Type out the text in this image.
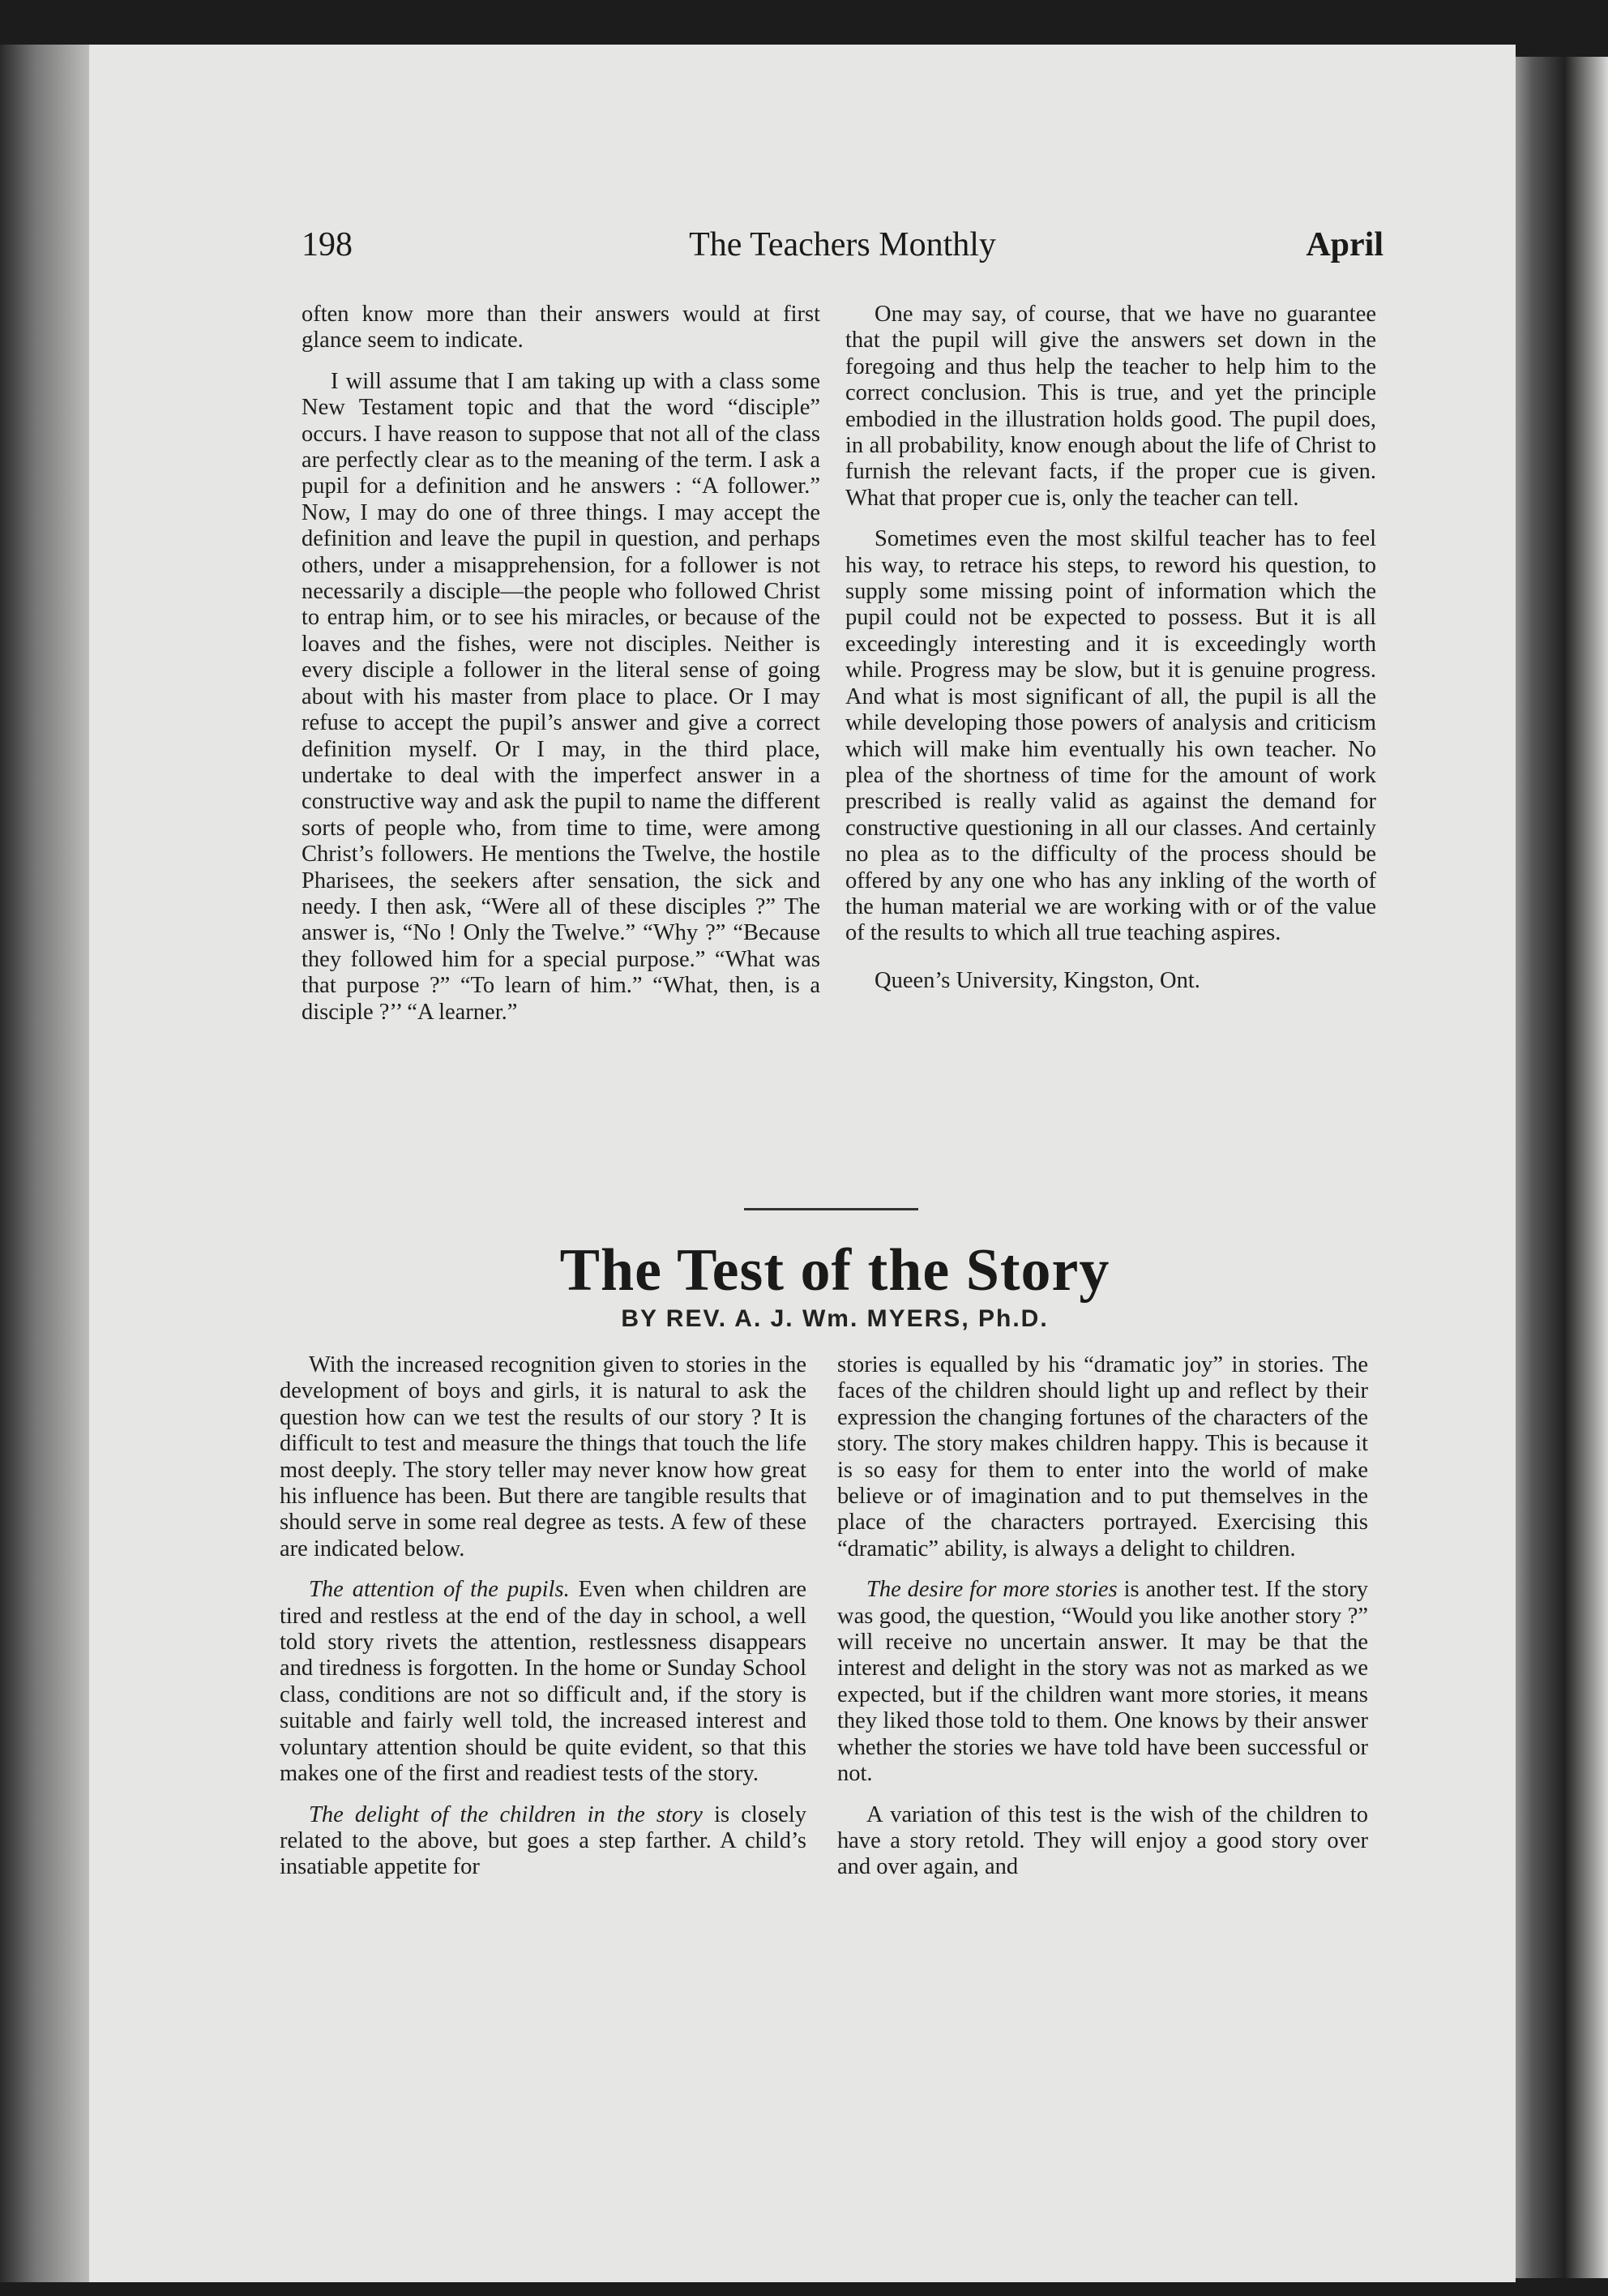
198	The Teachers Monthly	April

often know more than their answers would at first glance seem to indicate.

I will assume that I am taking up with a class some New Testament topic and that the word “disciple” occurs. I have reason to suppose that not all of the class are perfectly clear as to the meaning of the term. I ask a pupil for a definition and he answers : “A follower.” Now, I may do one of three things. I may accept the definition and leave the pupil in question, and perhaps others, under a misapprehension, for a follower is not necessarily a disciple—the people who followed Christ to entrap him, or to see his miracles, or because of the loaves and the fishes, were not disciples. Neither is every disciple a follower in the literal sense of going about with his master from place to place. Or I may refuse to accept the pupil’s answer and give a correct definition myself. Or I may, in the third place, undertake to deal with the imperfect answer in a constructive way and ask the pupil to name the different sorts of people who, from time to time, were among Christ’s followers. He mentions the Twelve, the hostile Pharisees, the seekers after sensation, the sick and needy. I then ask, “Were all of these disciples ?” The answer is, “No ! Only the Twelve.” “Why ?” “Because they followed him for a special purpose.” “What was that purpose ?” “To learn of him.” “What, then, is a disciple ?’’ “A learner.”

One may say, of course, that we have no guarantee that the pupil will give the answers set down in the foregoing and thus help the teacher to help him to the correct conclusion. This is true, and yet the principle embodied in the illustration holds good. The pupil does, in all probability, know enough about the life of Christ to furnish the relevant facts, if the proper cue is given. What that proper cue is, only the teacher can tell.

Sometimes even the most skilful teacher has to feel his way, to retrace his steps, to reword his question, to supply some missing point of information which the pupil could not be expected to possess. But it is all exceedingly interesting and it is exceedingly worth while. Progress may be slow, but it is genuine progress. And what is most significant of all, the pupil is all the while developing those powers of analysis and criticism which will make him eventually his own teacher. No plea of the shortness of time for the amount of work prescribed is really valid as against the demand for constructive questioning in all our classes. And certainly no plea as to the difficulty of the process should be offered by any one who has any inkling of the worth of the human material we are working with or of the value of the results to which all true teaching aspires.

Queen’s University, Kingston, Ont.

The Test of the Story
BY REV. A. J. Wm. MYERS, Ph.D.

With the increased recognition given to stories in the development of boys and girls, it is natural to ask the question how can we test the results of our story ? It is difficult to test and measure the things that touch the life most deeply. The story teller may never know how great his influence has been. But there are tangible results that should serve in some real degree as tests. A few of these are indicated below.

The attention of the pupils. Even when children are tired and restless at the end of the day in school, a well told story rivets the attention, restlessness disappears and tiredness is forgotten. In the home or Sunday School class, conditions are not so difficult and, if the story is suitable and fairly well told, the increased interest and voluntary attention should be quite evident, so that this makes one of the first and readiest tests of the story.

The delight of the children in the story is closely related to the above, but goes a step farther. A child’s insatiable appetite for

stories is equalled by his “dramatic joy” in stories. The faces of the children should light up and reflect by their expression the changing fortunes of the characters of the story. The story makes children happy. This is because it is so easy for them to enter into the world of make believe or of imagination and to put themselves in the place of the characters portrayed. Exercising this “dramatic” ability, is always a delight to children.

The desire for more stories is another test. If the story was good, the question, “Would you like another story ?” will receive no uncertain answer. It may be that the interest and delight in the story was not as marked as we expected, but if the children want more stories, it means they liked those told to them. One knows by their answer whether the stories we have told have been successful or not.

A variation of this test is the wish of the children to have a story retold. They will enjoy a good story over and over again, and
